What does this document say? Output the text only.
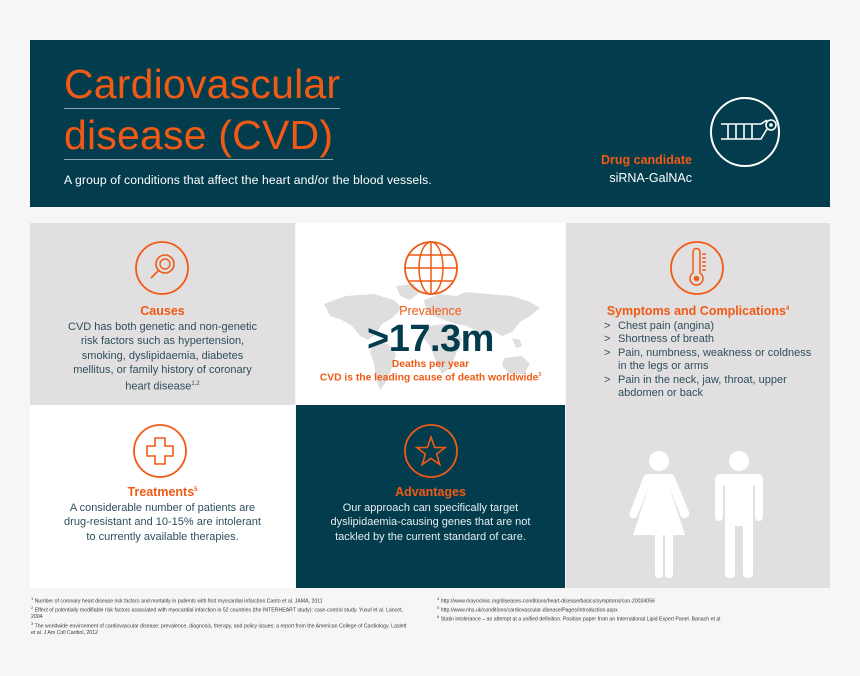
Cardiovascular
disease (CVD)
A group of conditions that affect the heart and/or the blood vessels.
Drug candidate
siRNA-GalNAc
Causes
CVD has both genetic and non-genetic
risk factors such as hypertension,
smoking, dyslipidaemia, diabetes
mellitus, or family history of coronary
heart disease$^{1,2}$
Prevalence
>17.3m
Deaths per year
CVD is the leading cause of death worldwide$^3$
Symptoms and Complications$^4$
> Chest pain (angina)
> Shortness of breath
> Pain, numbness, weakness or coldness in the legs or arms
> Pain in the neck, jaw, throat, upper abdomen or back
Treatments$^5$
A considerable number of patients are
drug-resistant and 10-15% are intolerant
to currently available therapies.
Advantages
Our approach can specifically target
dyslipidaemia-causing genes that are not
tackled by the current standard of care.

$^1$ Number of coronary heart disease risk factors and mortality in patients with first myocardial infarction.Canto et al. JAMA, 2011

$^2$ Effect of potentially modifiable risk factors associated with myocardial infarction in 52 countries (the INTERHEART study): case-control study. Yusuf et al. Lancet, 2004

$^3$ The worldwide environment of cardiovascular disease: prevalence, diagnosis, therapy, and policy issues: a report from the American College of Cardiology. Laslett et al. J Am Coll Cardiol, 2012

$^4$ http://www.mayoclinic.org/diseases-conditions/heart-disease/basics/symptoms/con-20034056

$^5$ http://www.nhs.uk/conditions/cardiovascular-disease/Pages/Introduction.aspx

$^6$ Statin intolerance – an attempt at a unified definition. Position paper from an International Lipid Expert Panel. Banach et al
